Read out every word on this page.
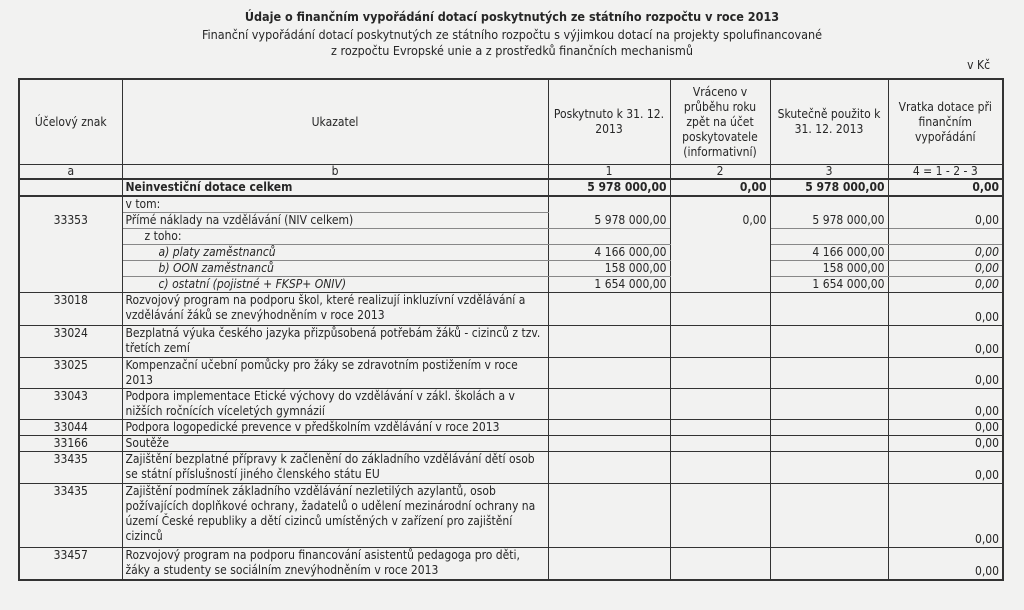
Údaje o finančním vypořádání dotací poskytnutých ze státního rozpočtu v roce 2013
Finanční vypořádání dotací poskytnutých ze státního rozpočtu s výjimkou dotací na projekty spolufinancované
z rozpočtu Evropské unie a z prostředků finančních mechanismů
v Kč
Účelový znak	Ukazatel	Poskytnuto k 31. 12. 2013	Vráceno v průběhu roku zpět na účet poskytovatele (informativní)	Skutečně použito k 31. 12. 2013	Vratka dotace při finančním vypořádání
a	b	1	2	3	4 = 1 - 2 - 3
	Neinvestiční dotace celkem	5 978 000,00	0,00	5 978 000,00	0,00
	v tom:				
33353	Přímé náklady na vzdělávání (NIV celkem)	5 978 000,00	0,00	5 978 000,00	0,00
	z toho:				
	a) platy zaměstnanců	4 166 000,00		4 166 000,00	0,00
	b) OON zaměstnanců	158 000,00		158 000,00	0,00
	c) ostatní (pojistné + FKSP+ ONIV)	1 654 000,00		1 654 000,00	0,00
33018	Rozvojový program na podporu škol, které realizují inkluzívní vzdělávání a vzdělávání žáků se znevýhodněním v roce 2013				0,00
33024	Bezplatná výuka českého jazyka přizpůsobená potřebám žáků - cizinců z tzv. třetích zemí				0,00
33025	Kompenzační učební pomůcky pro žáky se zdravotním postižením v roce 2013				0,00
33043	Podpora implementace Etické výchovy do vzdělávání v zákl. školách a v nižších ročnících víceletých gymnázií				0,00
33044	Podpora logopedické prevence v předškolním vzdělávání v roce 2013				0,00
33166	Soutěže				0,00
33435	Zajištění bezplatné přípravy k začlenění do základního vzdělávání dětí osob se státní příslušností jiného členského státu EU				0,00
33435	Zajištění podmínek základního vzdělávání nezletilých azylantů, osob požívajících doplňkové ochrany, žadatelů o udělení mezinárodní ochrany na území České republiky a dětí cizinců umístěných v zařízení pro zajištění cizinců				0,00
33457	Rozvojový program na podporu financování asistentů pedagoga pro děti, žáky a studenty se sociálním znevýhodněním v roce 2013				0,00
